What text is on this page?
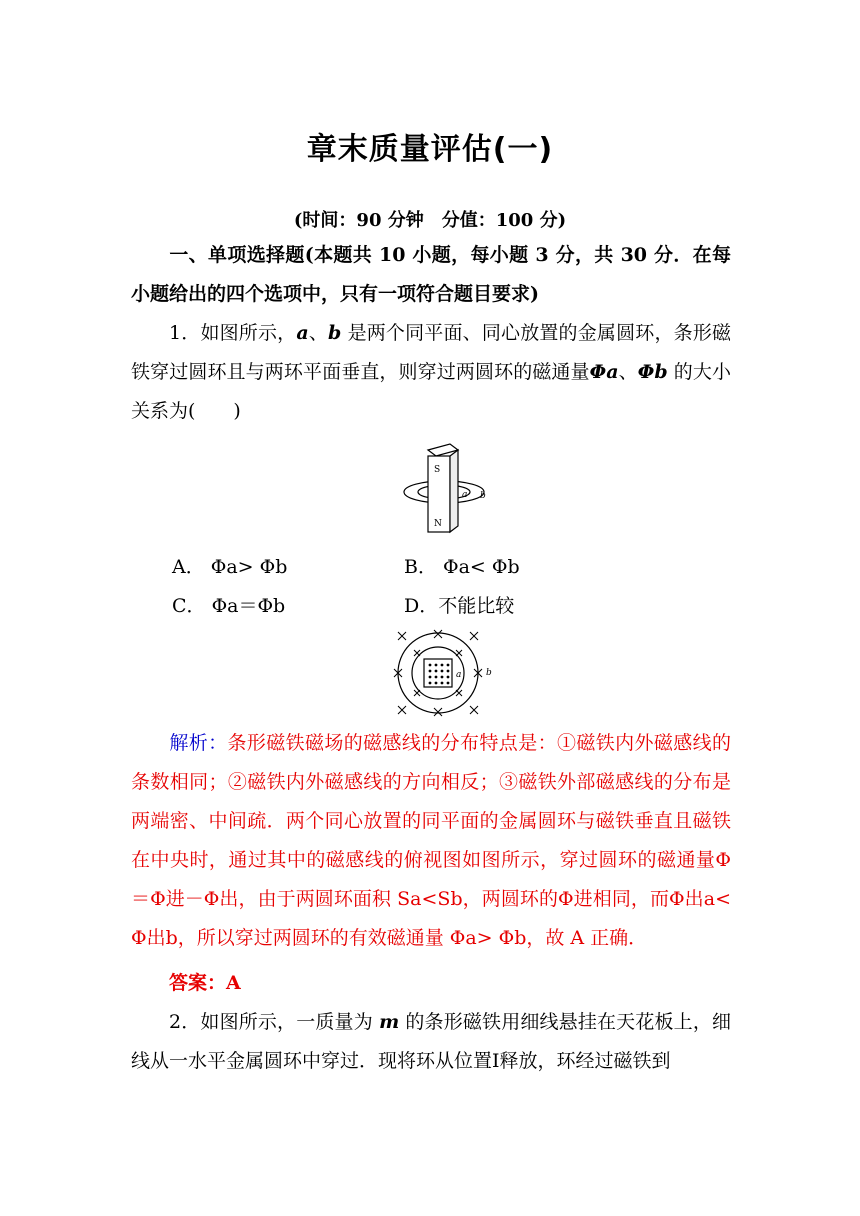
章末质量评估(一)
(时间：90 分钟　分值：100 分)
一、单项选择题(本题共 10 小题，每小题 3 分，共 30 分．在每小题给出的四个选项中，只有一项符合题目要求)
1．如图所示，a、b 是两个同平面、同心放置的金属圆环，条形磁铁穿过圆环且与两环平面垂直，则穿过两圆环的磁通量Φa、Φb 的大小关系为(　　)
S
N
a b
A． Φa> Φb	B． Φa< Φb
C． Φa＝Φb	D．不能比较
a	b
解析：条形磁铁磁场的磁感线的分布特点是：①磁铁内外磁感线的条数相同；②磁铁内外磁感线的方向相反；③磁铁外部磁感线的分布是两端密、中间疏．两个同心放置的同平面的金属圆环与磁铁垂直且磁铁在中央时，通过其中的磁感线的俯视图如图所示，穿过圆环的磁通量Φ＝Φ进－Φ出，由于两圆环面积 Sa<Sb，两圆环的Φ进相同，而Φ出a< Φ出b，所以穿过两圆环的有效磁通量 Φa> Φb，故 A 正确．
答案：A
2．如图所示，一质量为 m 的条形磁铁用细线悬挂在天花板上，细线从一水平金属圆环中穿过．现将环从位置Ⅰ释放，环经过磁铁到
